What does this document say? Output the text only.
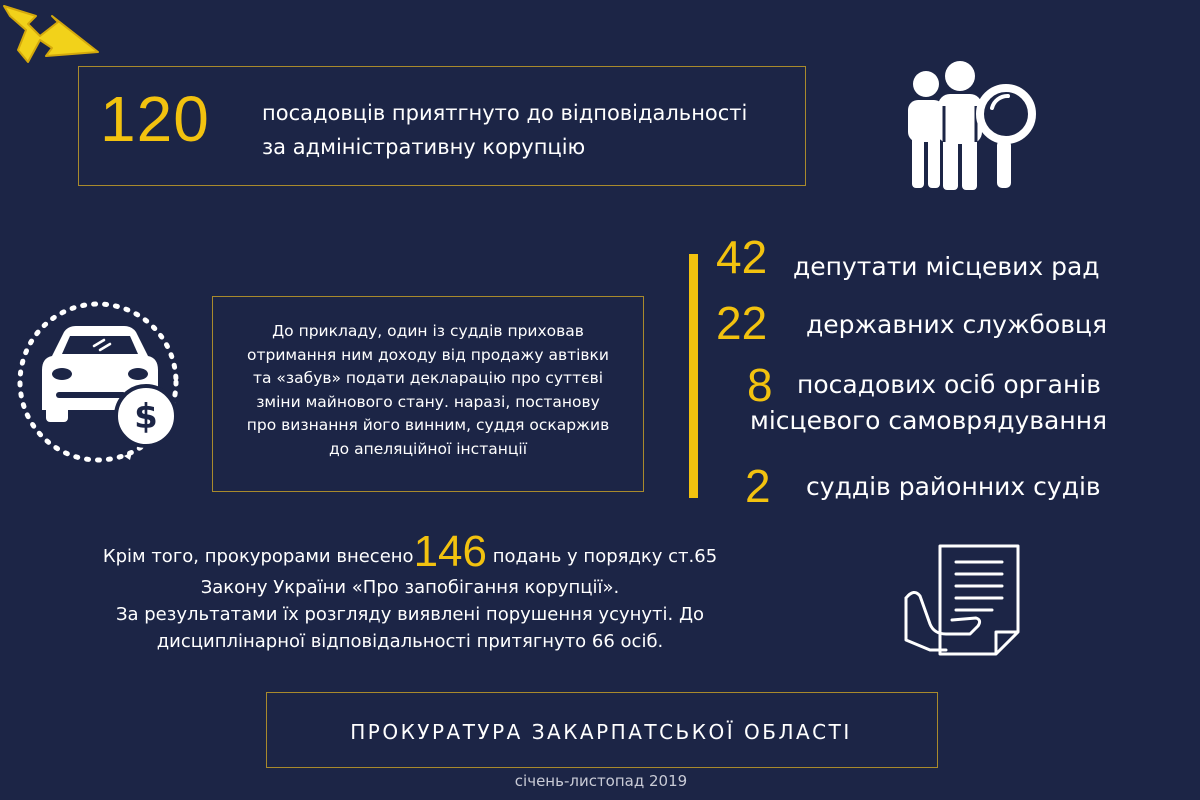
120 посадовців приятгнуто до відповідальності
за адміністративну корупцію
42 депутати місцевих рад
22 державних службовця
8 посадових осіб органів
місцевого самоврядування
2 суддів районних судів
$
До прикладу, один із суддів приховав
отримання ним доходу від продажу автівки
та «забув» подати декларацію про суттєві
зміни майнового стану. наразі, постанову
про визнання його винним, суддя оскаржив
до апеляційної інстанції
Крім того, прокурорами внесено146 подань у порядку ст.65
Закону України «Про запобігання корупції».
За результатами їх розгляду виявлені порушення усунуті. До
дисциплінарної відповідальності притягнуто 66 осіб.
ПРОКУРАТУРА ЗАКАРПАТСЬКОЇ ОБЛАСТІ
січень-листопад 2019
